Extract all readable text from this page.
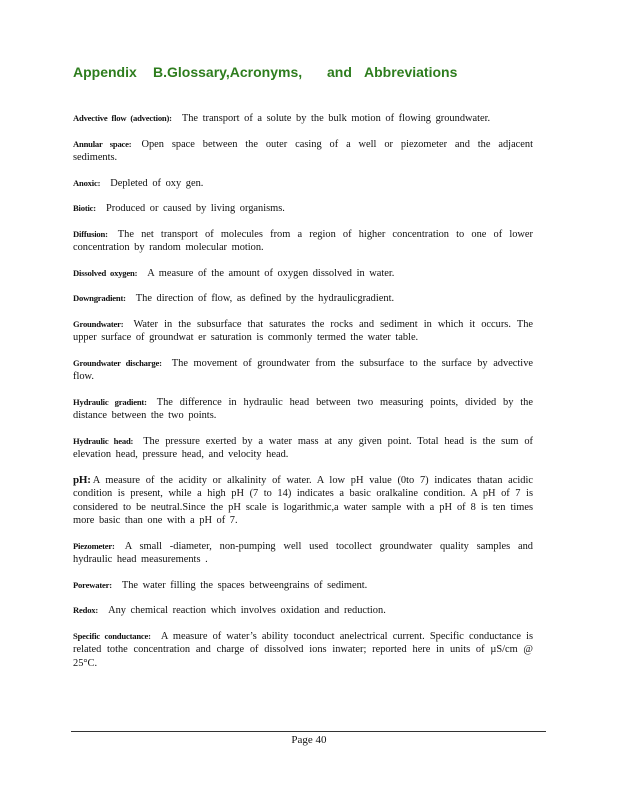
Appendix B.Glossary,Acronyms, and Abbreviations

Advective flow (advection): The transport of a solute by the bulk motion of flowing groundwater.

Annular space: Open space between the outer casing of a well or piezometer and the adjacent sediments.

Anoxic: Depleted of oxy gen.

Biotic: Produced or caused by living organisms.

Diffusion: The net transport of molecules from a region of higher concentration to one of lower concentration by random molecular motion.

Dissolved oxygen: A measure of the amount of oxygen dissolved in water.

Downgradient: The direction of flow, as defined by the hydraulicgradient.

Groundwater: Water in the subsurface that saturates the rocks and sediment in which it occurs. The upper surface of groundwat er saturation is commonly termed the water table.

Groundwater discharge: The movement of groundwater from the subsurface to the surface by advective flow.

Hydraulic gradient: The difference in hydraulic head between two measuring points, divided by the distance between the two points.

Hydraulic head: The pressure exerted by a water mass at any given point. Total head is the sum of elevation head, pressure head, and velocity head.

pH: A measure of the acidity or alkalinity of water. A low pH value (0to 7) indicates thatan acidic condition is present, while a high pH (7 to 14) indicates a basic oralkaline condition. A pH of 7 is considered to be neutral.Since the pH scale is logarithmic,a water sample with a pH of 8 is ten times more basic than one with a pH of 7.

Piezometer: A small -diameter, non-pumping well used tocollect groundwater quality samples and hydraulic head measurements .

Porewater: The water filling the spaces betweengrains of sediment.

Redox: Any chemical reaction which involves oxidation and reduction.

Specific conductance: A measure of water’s ability toconduct anelectrical current. Specific conductance is related tothe concentration and charge of dissolved ions inwater; reported here in units of µS/cm @ 25°C.

Page 40
